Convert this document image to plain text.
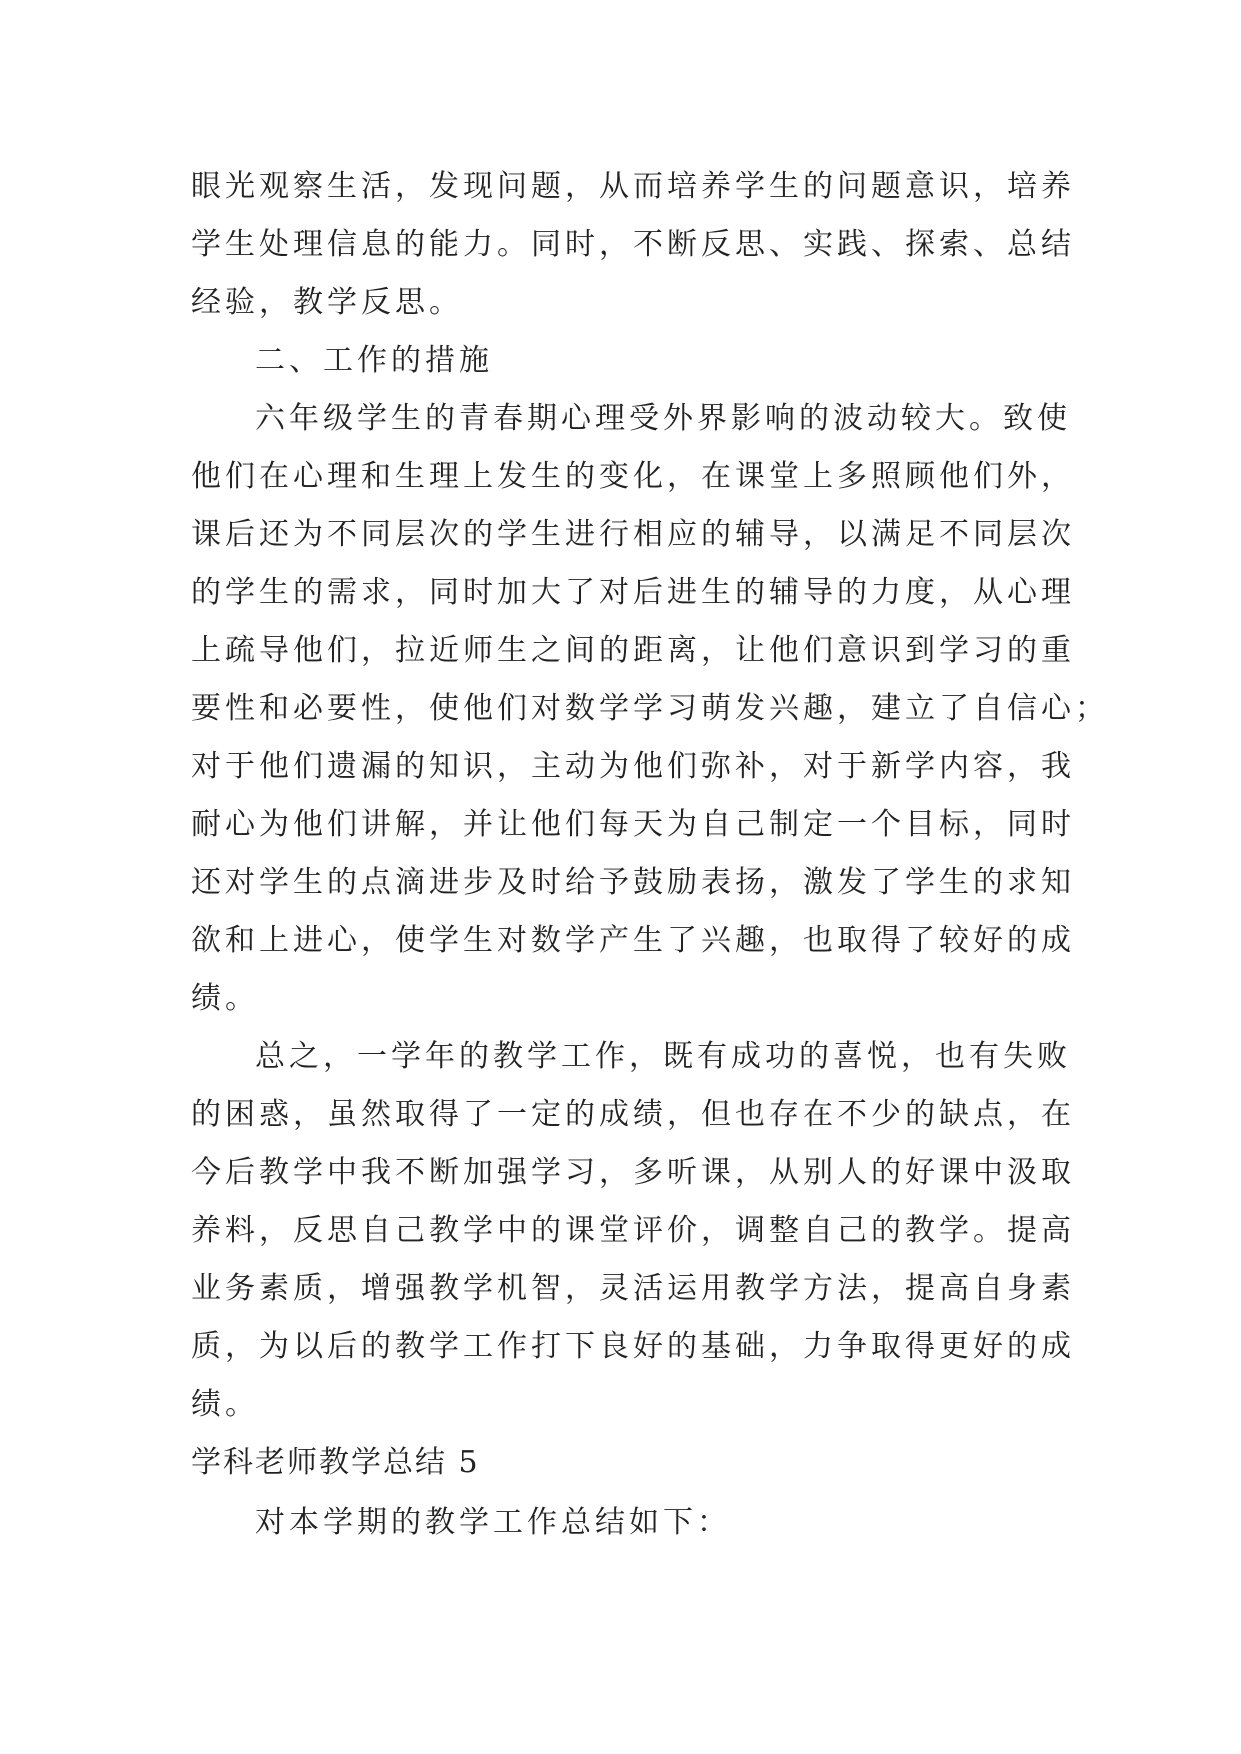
眼光观察生活，发现问题，从而培养学生的问题意识，培养
学生处理信息的能力。同时，不断反思、实践、探索、总结
经验，教学反思。
二、工作的措施
六年级学生的青春期心理受外界影响的波动较大。致使
他们在心理和生理上发生的变化，在课堂上多照顾他们外，
课后还为不同层次的学生进行相应的辅导，以满足不同层次
的学生的需求，同时加大了对后进生的辅导的力度，从心理
上疏导他们，拉近师生之间的距离，让他们意识到学习的重
要性和必要性，使他们对数学学习萌发兴趣，建立了自信心；
对于他们遗漏的知识，主动为他们弥补，对于新学内容，我
耐心为他们讲解，并让他们每天为自己制定一个目标，同时
还对学生的点滴进步及时给予鼓励表扬，激发了学生的求知
欲和上进心，使学生对数学产生了兴趣，也取得了较好的成
绩。
总之，一学年的教学工作，既有成功的喜悦，也有失败
的困惑，虽然取得了一定的成绩，但也存在不少的缺点，在
今后教学中我不断加强学习，多听课，从别人的好课中汲取
养料，反思自己教学中的课堂评价，调整自己的教学。提高
业务素质，增强教学机智，灵活运用教学方法，提高自身素
质，为以后的教学工作打下良好的基础，力争取得更好的成
绩。
学科老师教学总结 5
对本学期的教学工作总结如下：
